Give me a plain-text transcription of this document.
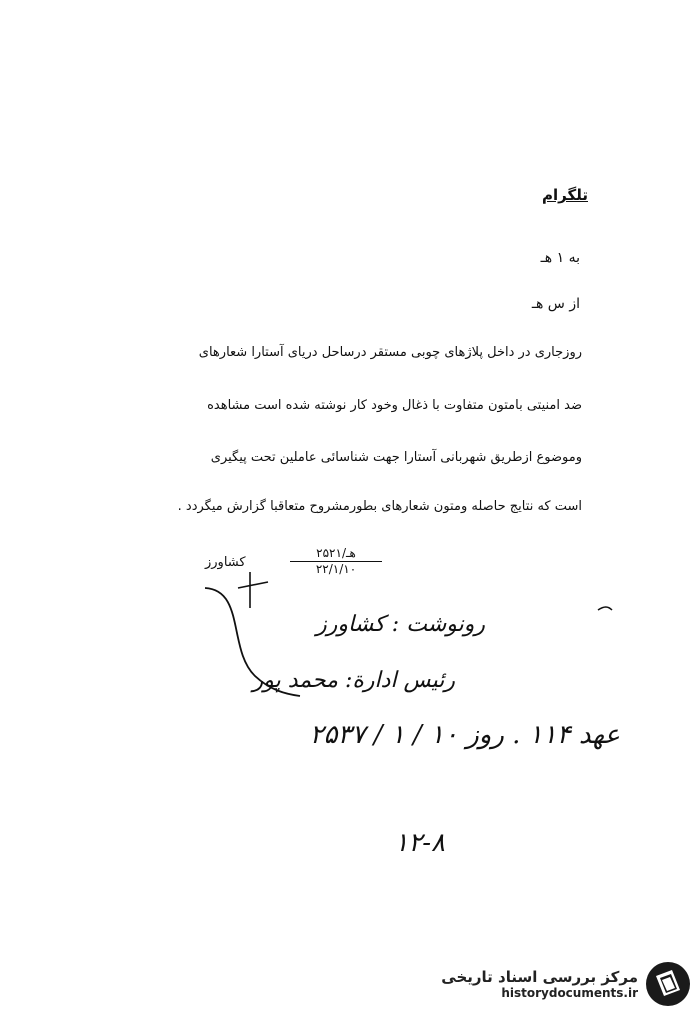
تلگرام
به ۱ هـ
از س هـ
روزجاری در داخل پلاژهای چوبی مستقر درساحل دریای آستارا شعارهای
ضد امنیتی بامتون متفاوت با ذغال وخود کار نوشته شده است مشاهده
وموضوع ازطریق شهربانی آستارا جهت شناسائی عاملین تحت پیگیری
است که نتایج حاصله ومتون شعارهای بطورمشروح متعاقبا گزارش میگردد .
کشاورز
هـ/۲۵۲۱
۲۲/۱/۱۰
رونوشت : کشاورز
رئیس ادارة: محمد پور
عهد ۱۱۴ . روز ۱۰ / ۱ / ۲۵۳۷
۱۲-۸
مرکز بررسی اسناد تاریخی
historydocuments.ir
